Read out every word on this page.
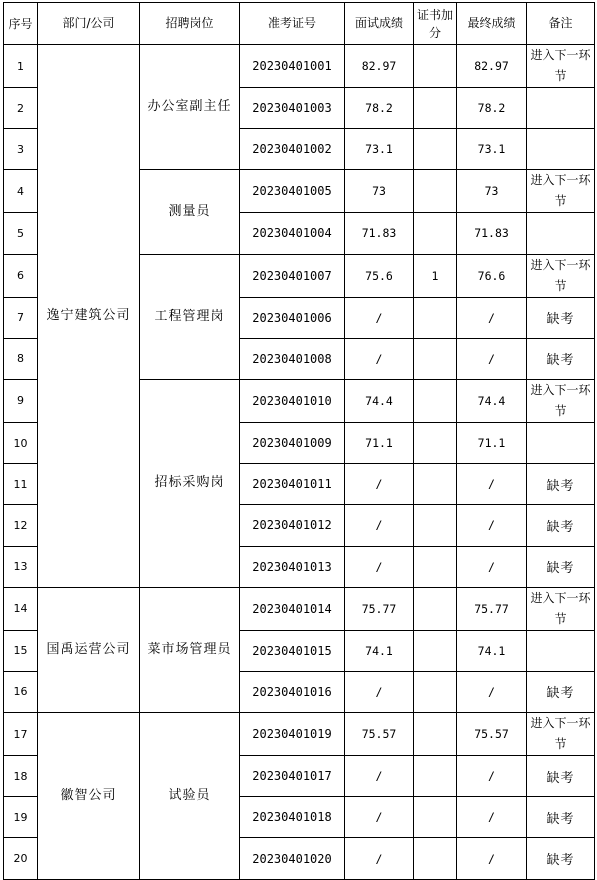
序号	部门/公司	招聘岗位	准考证号	面试成绩	证书加分	最终成绩	备注
1	逸宁建筑公司	办公室副主任	20230401001	82.97		82.97	进入下一环节
2			20230401003	78.2		78.2	
3			20230401002	73.1		73.1	
4		测量员	20230401005	73		73	进入下一环节
5			20230401004	71.83		71.83	
6		工程管理岗	20230401007	75.6	1	76.6	进入下一环节
7			20230401006	/		/	缺考
8			20230401008	/		/	缺考
9		招标采购岗	20230401010	74.4		74.4	进入下一环节
10			20230401009	71.1		71.1	
11			20230401011	/		/	缺考
12			20230401012	/		/	缺考
13			20230401013	/		/	缺考
14	国禹运营公司	菜市场管理员	20230401014	75.77		75.77	进入下一环节
15			20230401015	74.1		74.1	
16			20230401016	/		/	缺考
17	徽智公司	试验员	20230401019	75.57		75.57	进入下一环节
18			20230401017	/		/	缺考
19			20230401018	/		/	缺考
20			20230401020	/		/	缺考
